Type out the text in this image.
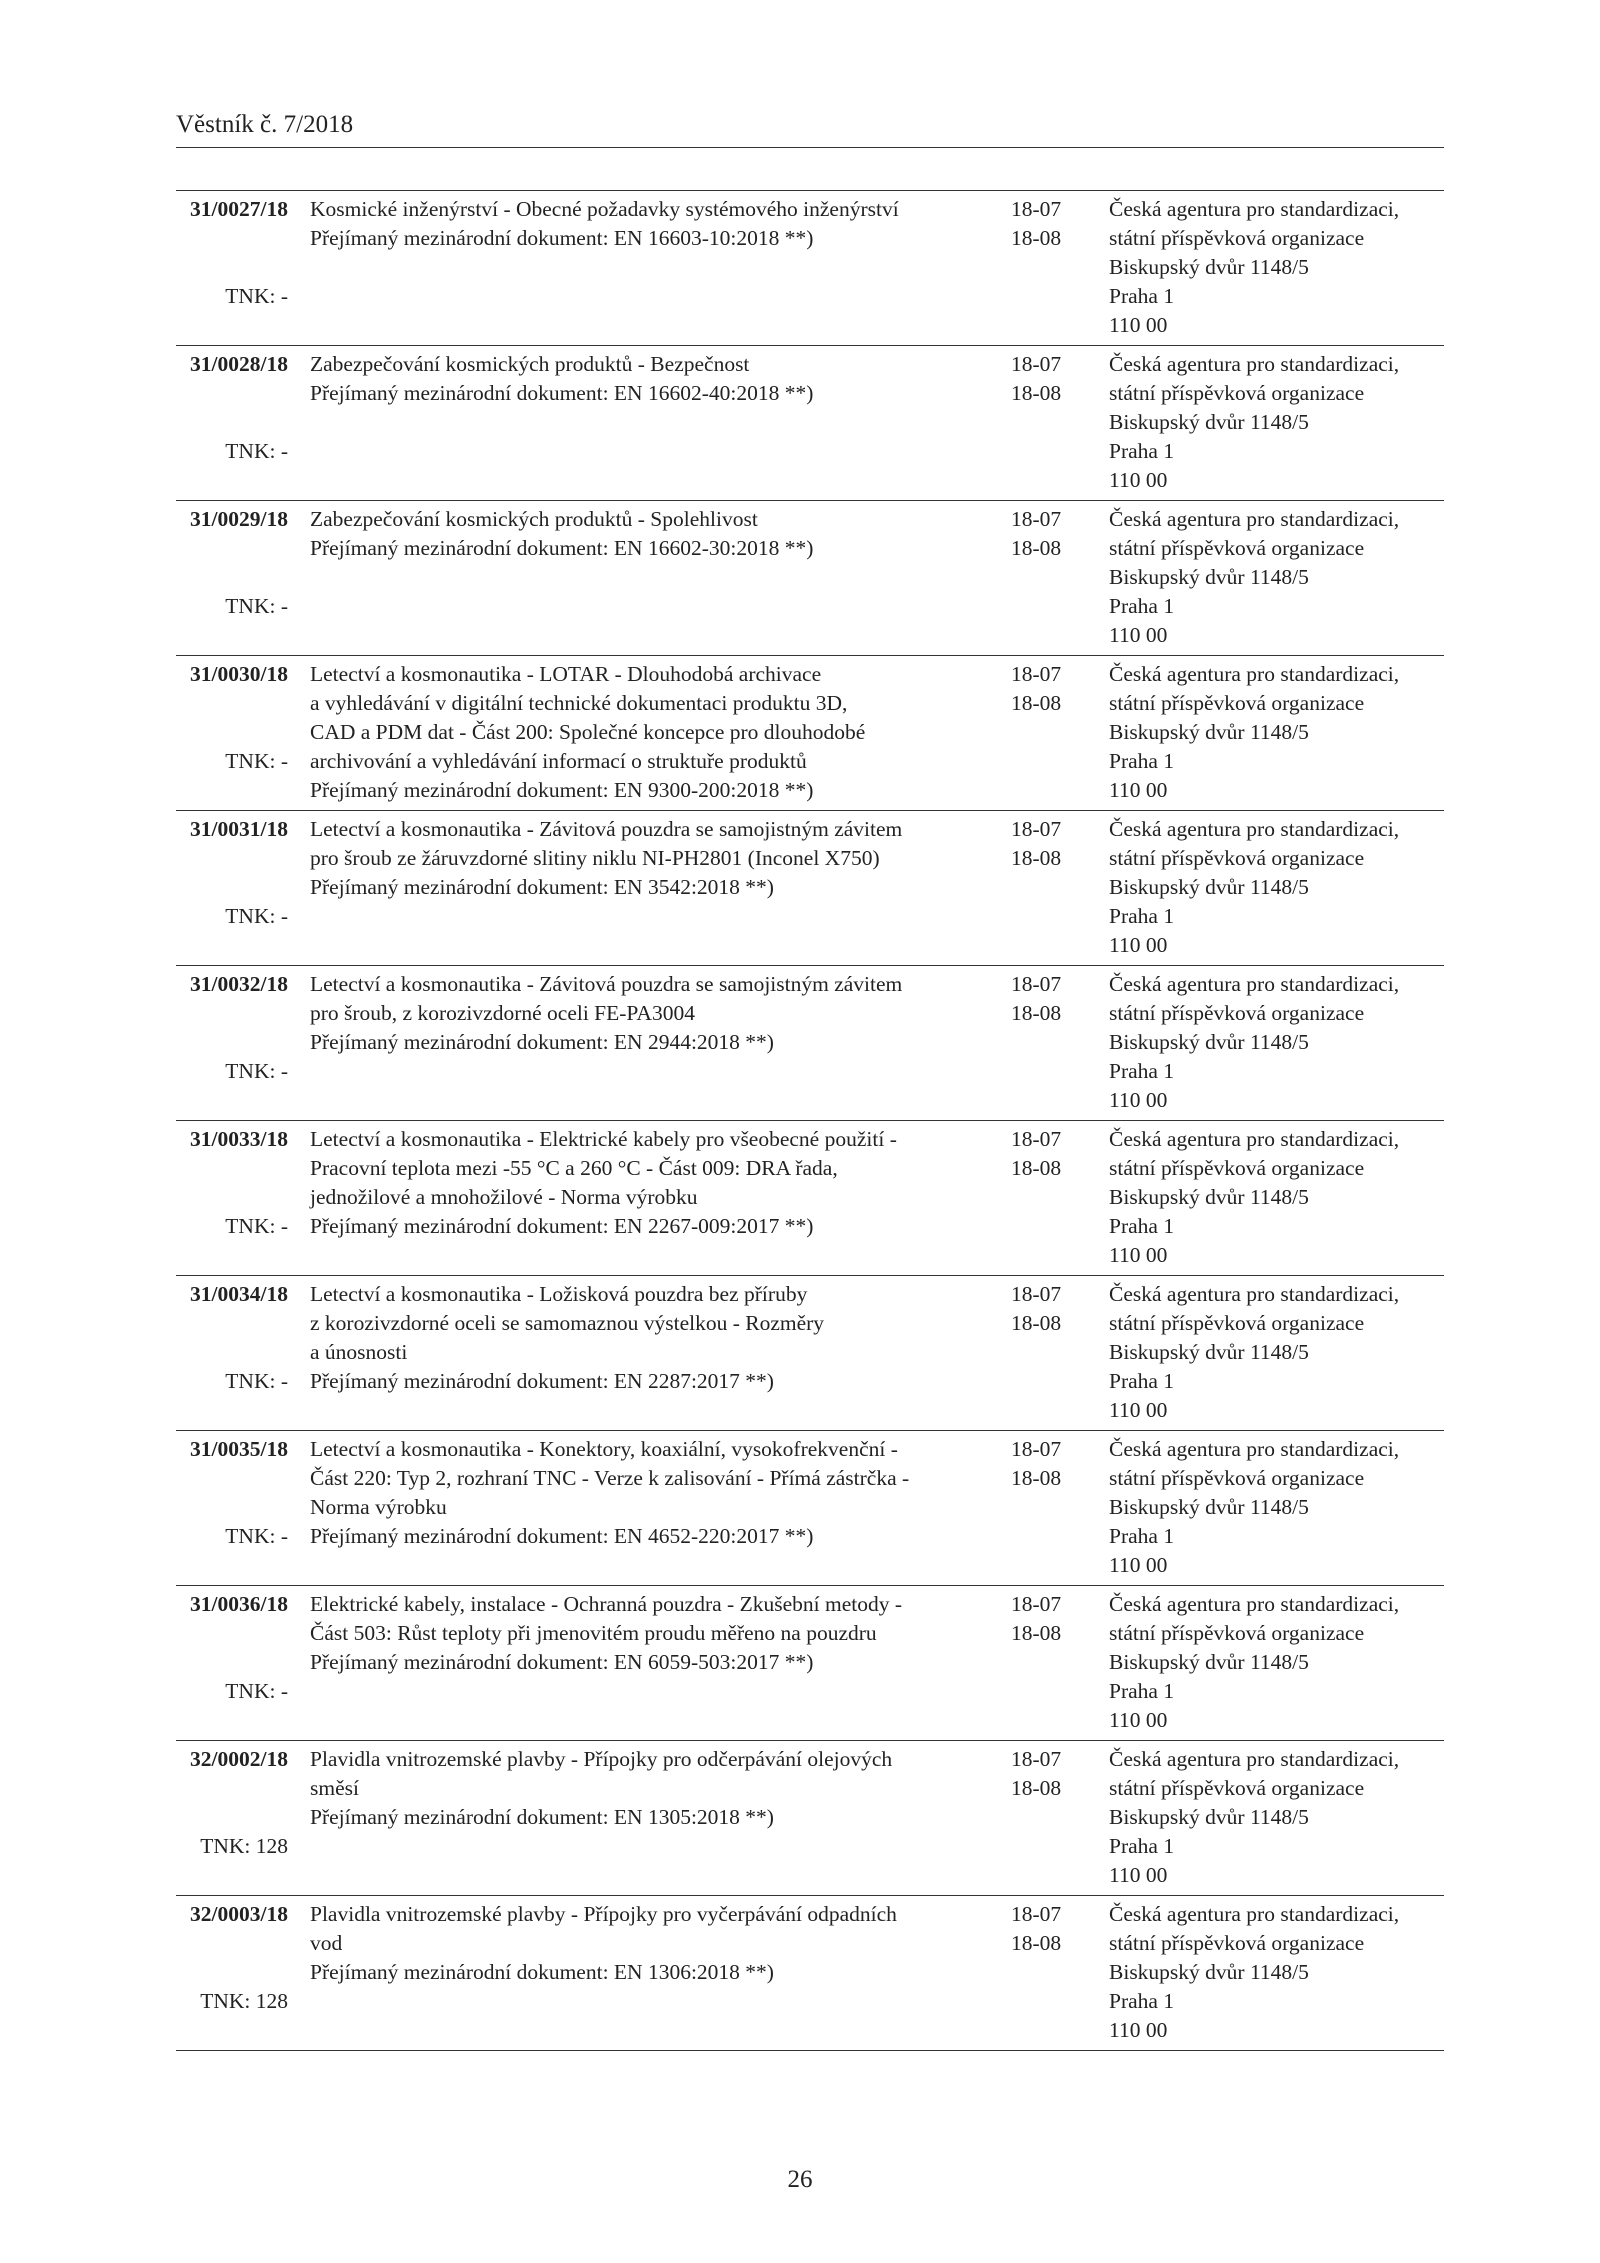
Věstník č. 7/2018
31/0027/18
TNK: -
Kosmické inženýrství - Obecné požadavky systémového inženýrství
Přejímaný mezinárodní dokument: EN 16603-10:2018 **)
18-07
18-08
Česká agentura pro standardizaci,
státní příspěvková organizace
Biskupský dvůr 1148/5
Praha 1
110 00
31/0028/18
TNK: -
Zabezpečování kosmických produktů - Bezpečnost
Přejímaný mezinárodní dokument: EN 16602-40:2018 **)
18-07
18-08
Česká agentura pro standardizaci,
státní příspěvková organizace
Biskupský dvůr 1148/5
Praha 1
110 00
31/0029/18
TNK: -
Zabezpečování kosmických produktů - Spolehlivost
Přejímaný mezinárodní dokument: EN 16602-30:2018 **)
18-07
18-08
Česká agentura pro standardizaci,
státní příspěvková organizace
Biskupský dvůr 1148/5
Praha 1
110 00
31/0030/18
TNK: -
Letectví a kosmonautika - LOTAR - Dlouhodobá archivace
a vyhledávání v digitální technické dokumentaci produktu 3D,
CAD a PDM dat - Část 200: Společné koncepce pro dlouhodobé
archivování a vyhledávání informací o struktuře produktů
Přejímaný mezinárodní dokument: EN 9300-200:2018 **)
18-07
18-08
Česká agentura pro standardizaci,
státní příspěvková organizace
Biskupský dvůr 1148/5
Praha 1
110 00
31/0031/18
TNK: -
Letectví a kosmonautika - Závitová pouzdra se samojistným závitem
pro šroub ze žáruvzdorné slitiny niklu NI-PH2801 (Inconel X750)
Přejímaný mezinárodní dokument: EN 3542:2018 **)
18-07
18-08
Česká agentura pro standardizaci,
státní příspěvková organizace
Biskupský dvůr 1148/5
Praha 1
110 00
31/0032/18
TNK: -
Letectví a kosmonautika - Závitová pouzdra se samojistným závitem
pro šroub, z korozivzdorné oceli FE-PA3004
Přejímaný mezinárodní dokument: EN 2944:2018 **)
18-07
18-08
Česká agentura pro standardizaci,
státní příspěvková organizace
Biskupský dvůr 1148/5
Praha 1
110 00
31/0033/18
TNK: -
Letectví a kosmonautika - Elektrické kabely pro všeobecné použití -
Pracovní teplota mezi -55 °C a 260 °C - Část 009: DRA řada,
jednožilové a mnohožilové - Norma výrobku
Přejímaný mezinárodní dokument: EN 2267-009:2017 **)
18-07
18-08
Česká agentura pro standardizaci,
státní příspěvková organizace
Biskupský dvůr 1148/5
Praha 1
110 00
31/0034/18
TNK: -
Letectví a kosmonautika - Ložisková pouzdra bez příruby
z korozivzdorné oceli se samomaznou výstelkou - Rozměry
a únosnosti
Přejímaný mezinárodní dokument: EN 2287:2017 **)
18-07
18-08
Česká agentura pro standardizaci,
státní příspěvková organizace
Biskupský dvůr 1148/5
Praha 1
110 00
31/0035/18
TNK: -
Letectví a kosmonautika - Konektory, koaxiální, vysokofrekvenční -
Část 220: Typ 2, rozhraní TNC - Verze k zalisování - Přímá zástrčka -
Norma výrobku
Přejímaný mezinárodní dokument: EN 4652-220:2017 **)
18-07
18-08
Česká agentura pro standardizaci,
státní příspěvková organizace
Biskupský dvůr 1148/5
Praha 1
110 00
31/0036/18
TNK: -
Elektrické kabely, instalace - Ochranná pouzdra - Zkušební metody -
Část 503: Růst teploty při jmenovitém proudu měřeno na pouzdru
Přejímaný mezinárodní dokument: EN 6059-503:2017 **)
18-07
18-08
Česká agentura pro standardizaci,
státní příspěvková organizace
Biskupský dvůr 1148/5
Praha 1
110 00
32/0002/18
TNK: 128
Plavidla vnitrozemské plavby - Přípojky pro odčerpávání olejových
směsí
Přejímaný mezinárodní dokument: EN 1305:2018 **)
18-07
18-08
Česká agentura pro standardizaci,
státní příspěvková organizace
Biskupský dvůr 1148/5
Praha 1
110 00
32/0003/18
TNK: 128
Plavidla vnitrozemské plavby - Přípojky pro vyčerpávání odpadních
vod
Přejímaný mezinárodní dokument: EN 1306:2018 **)
18-07
18-08
Česká agentura pro standardizaci,
státní příspěvková organizace
Biskupský dvůr 1148/5
Praha 1
110 00
26
